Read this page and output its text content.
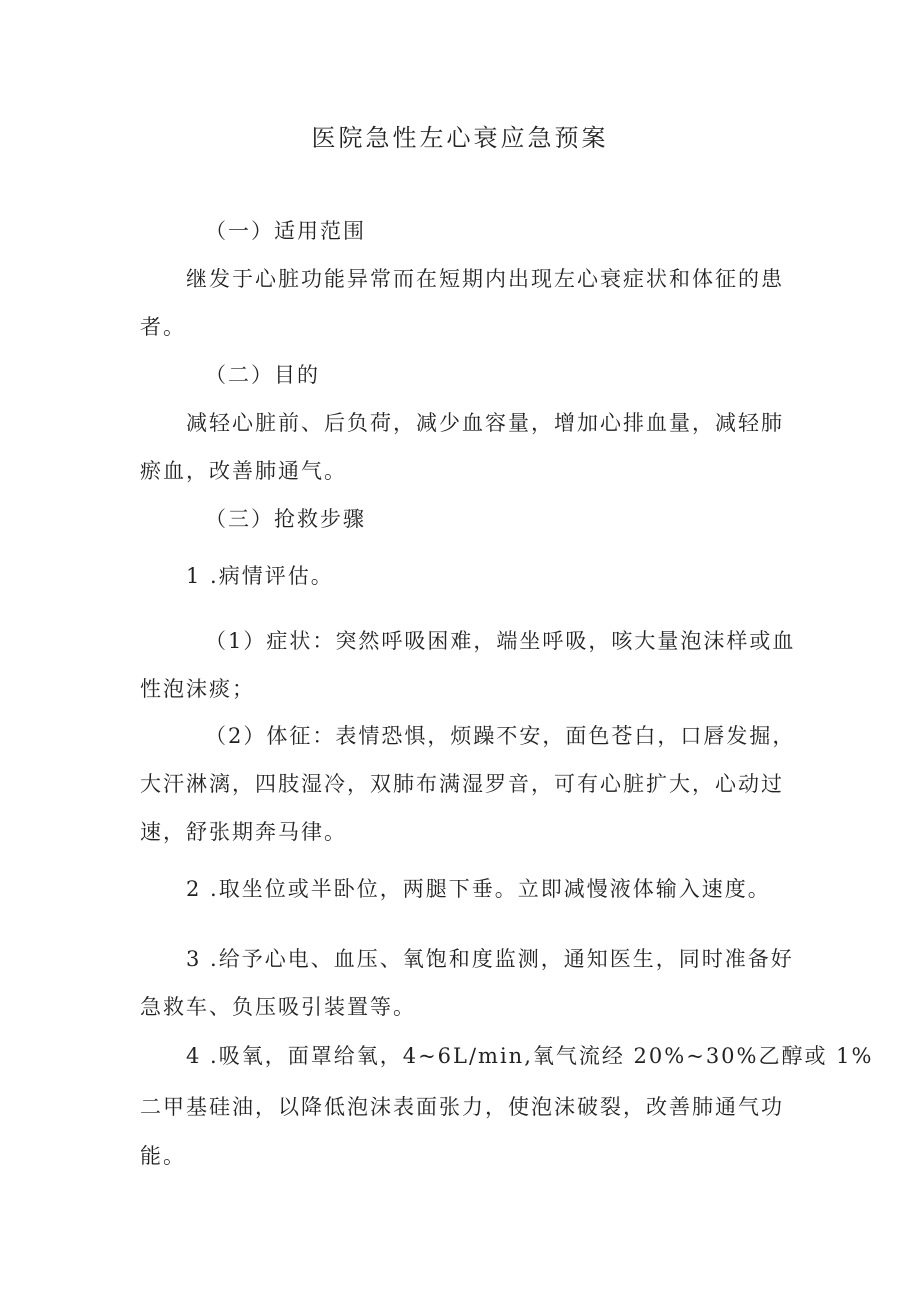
医院急性左心衰应急预案
（一）适用范围
继发于心脏功能异常而在短期内出现左心衰症状和体征的患
者。
（二）目的
减轻心脏前、后负荷，减少血容量，增加心排血量，减轻肺
瘀血，改善肺通气。
（三）抢救步骤
1 .病情评估。
（1）症状：突然呼吸困难，端坐呼吸，咳大量泡沫样或血
性泡沫痰；
（2）体征：表情恐惧，烦躁不安，面色苍白，口唇发掘，
大汗淋漓，四肢湿冷，双肺布满湿罗音，可有心脏扩大，心动过
速，舒张期奔马律。
2 .取坐位或半卧位，两腿下垂。立即减慢液体输入速度。
3 .给予心电、血压、氧饱和度监测，通知医生，同时准备好
急救车、负压吸引装置等。
4 .吸氧，面罩给氧，4~6L∕min,氧气流经 20%~30%乙醇或 1%
二甲基硅油，以降低泡沫表面张力，使泡沫破裂，改善肺通气功
能。
